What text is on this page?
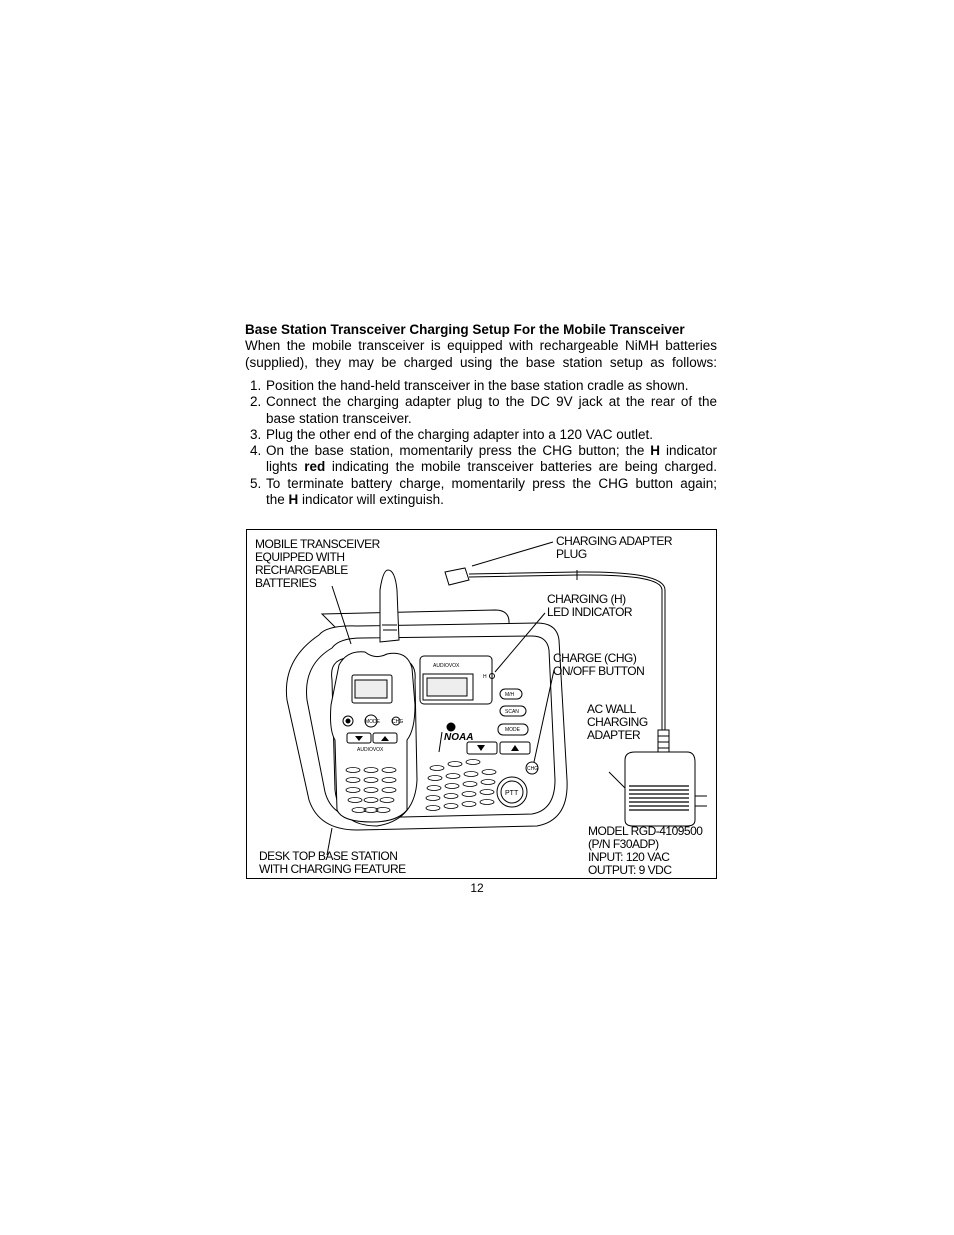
Base Station Transceiver Charging Setup For the Mobile Transceiver
When the mobile transceiver is equipped with rechargeable NiMH batteries
(supplied), they may be charged using the base station setup as follows:
1. Position the hand-held transceiver in the base station cradle as shown.
2. Connect the charging adapter plug to the DC 9V jack at the rear of the
base station transceiver.
3. Plug the other end of the charging adapter into a 120 VAC outlet.
4. On the base station, momentarily press the CHG button; the H indicator
lights red indicating the mobile transceiver batteries are being charged.
5. To terminate battery charge, momentarily press the CHG button again;
the H indicator will extinguish.
AUDIOVOX
AUDIOVOX
H
M/H
SCAN
MODE
CHG
MODE CHG
PTT
NOAA
MOBILE TRANSCEIVER
EQUIPPED WITH
RECHARGEABLE
BATTERIES
CHARGING ADAPTER
PLUG
CHARGING (H)
LED INDICATOR
CHARGE (CHG)
ON/OFF BUTTON
AC WALL
CHARGING
ADAPTER
MODEL RGD-4109500
(P/N F30ADP)
INPUT: 120 VAC
OUTPUT: 9 VDC
DESK TOP BASE STATION
WITH CHARGING FEATURE
12
